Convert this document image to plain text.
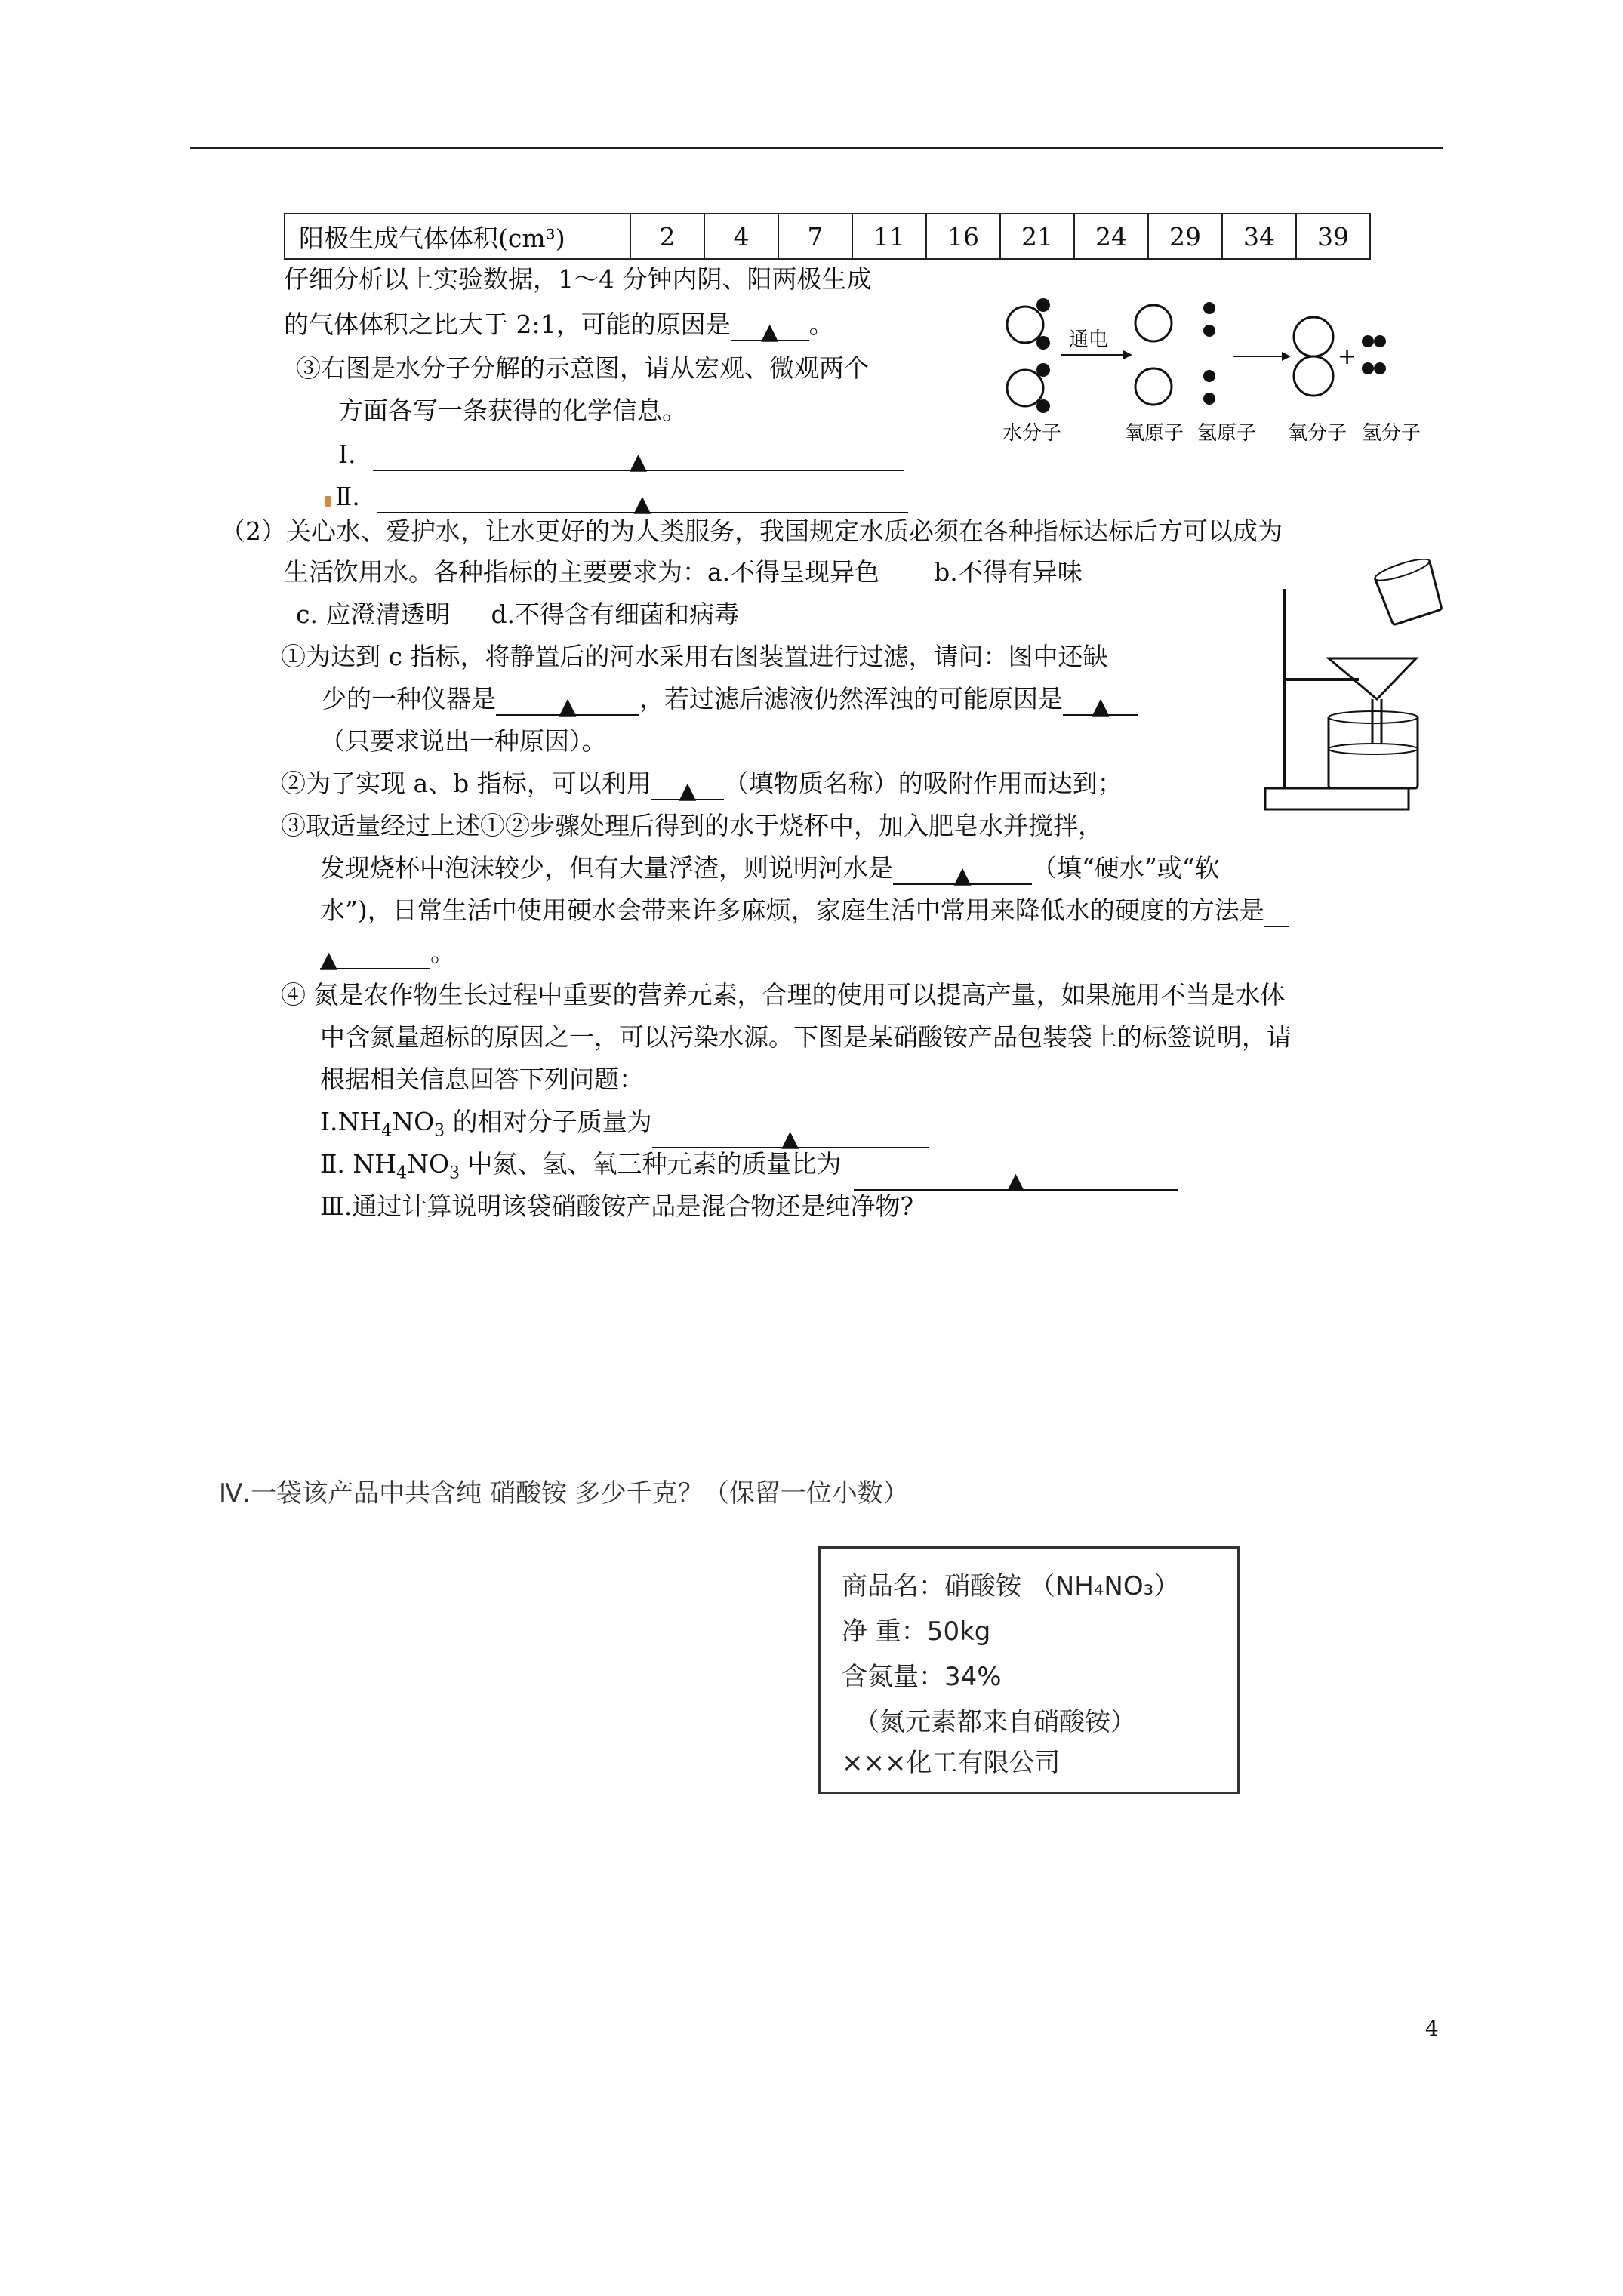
阳极生成气体体积(cm³)	2	4	7	11	16	21	24	29	34	39
仔细分析以上实验数据，1～4 分钟内阴、阳两极生成
的气体体积之比大于 2:1，可能的原因是 ▲ 。
③右图是水分子分解的示意图，请从宏观、微观两个
方面各写一条获得的化学信息。
Ⅰ.	▲
Ⅱ.	▲
通电
+
水分子	氧原子 氢原子 氧分子 氢分子
（2）关心水、爱护水，让水更好的为人类服务，我国规定水质必须在各种指标达标后方可以成为
生活饮用水。各种指标的主要要求为：a.不得呈现异色 b.不得有异味
c. 应澄清透明 d.不得含有细菌和病毒
①为达到 c 指标，将静置后的河水采用右图装置进行过滤，请问：图中还缺
少的一种仪器是	▲	，若过滤后滤液仍然浑浊的可能原因是 ▲
（只要求说出一种原因）。
②为了实现 a、b 指标，可以利用 ▲ （填物质名称）的吸附作用而达到；
③取适量经过上述①②步骤处理后得到的水于烧杯中，加入肥皂水并搅拌，
发现烧杯中泡沫较少，但有大量浮渣，则说明河水是	▲ （填“硬水”或“软
水”)，日常生活中使用硬水会带来许多麻烦，家庭生活中常用来降低水的硬度的方法是
▲	。
④ 氮是农作物生长过程中重要的营养元素，合理的使用可以提高产量，如果施用不当是水体
中含氮量超标的原因之一，可以污染水源。下图是某硝酸铵产品包装袋上的标签说明，请
根据相关信息回答下列问题：
$Ⅰ.NH_4NO_3$ 的相对分子质量为▲
Ⅱ. $NH_4NO_3$ 中氮、氢、氧三种元素的质量比为▲
Ⅲ.通过计算说明该袋硝酸铵产品是混合物还是纯净物?
Ⅳ.一袋该产品中共含纯 硝酸铵 多少千克？（保留一位小数）
商品名：硝酸铵 （NH₄NO₃）
净 重：50kg
含氮量：34%
（氮元素都来自硝酸铵）
×××化工有限公司
4
